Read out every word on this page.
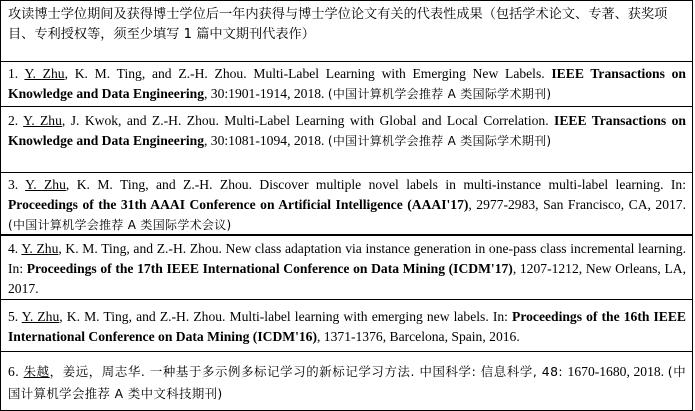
攻读博士学位期间及获得博士学位后一年内获得与博士学位论文有关的代表性成果（包括学术论文、专著、获奖项目、专利授权等，须至少填写 1 篇中文期刊代表作）
1. Y. Zhu, K. M. Ting, and Z.-H. Zhou. Multi-Label Learning with Emerging New Labels. IEEE Transactions on Knowledge and Data Engineering, 30:1901-1914, 2018. (中国计算机学会推荐 A 类国际学术期刊)
2. Y. Zhu, J. Kwok, and Z.-H. Zhou. Multi-Label Learning with Global and Local Correlation. IEEE Transactions on Knowledge and Data Engineering, 30:1081-1094, 2018. (中国计算机学会推荐 A 类国际学术期刊)
3. Y. Zhu, K. M. Ting, and Z.-H. Zhou. Discover multiple novel labels in multi-instance multi-label learning. In: Proceedings of the 31th AAAI Conference on Artificial Intelligence (AAAI'17), 2977-2983, San Francisco, CA, 2017. (中国计算机学会推荐 A 类国际学术会议)
4. Y. Zhu, K. M. Ting, and Z.-H. Zhou. New class adaptation via instance generation in one-pass class incremental learning. In: Proceedings of the 17th IEEE International Conference on Data Mining (ICDM'17), 1207-1212, New Orleans, LA, 2017.
5. Y. Zhu, K. M. Ting, and Z.-H. Zhou. Multi-label learning with emerging new labels. In: Proceedings of the 16th IEEE International Conference on Data Mining (ICDM'16), 1371-1376, Barcelona, Spain, 2016.
6. 朱越，姜远，周志华. 一种基于多示例多标记学习的新标记学习方法. 中国科学: 信息科学, 48: 1670-1680, 2018. (中国计算机学会推荐 A 类中文科技期刊)
